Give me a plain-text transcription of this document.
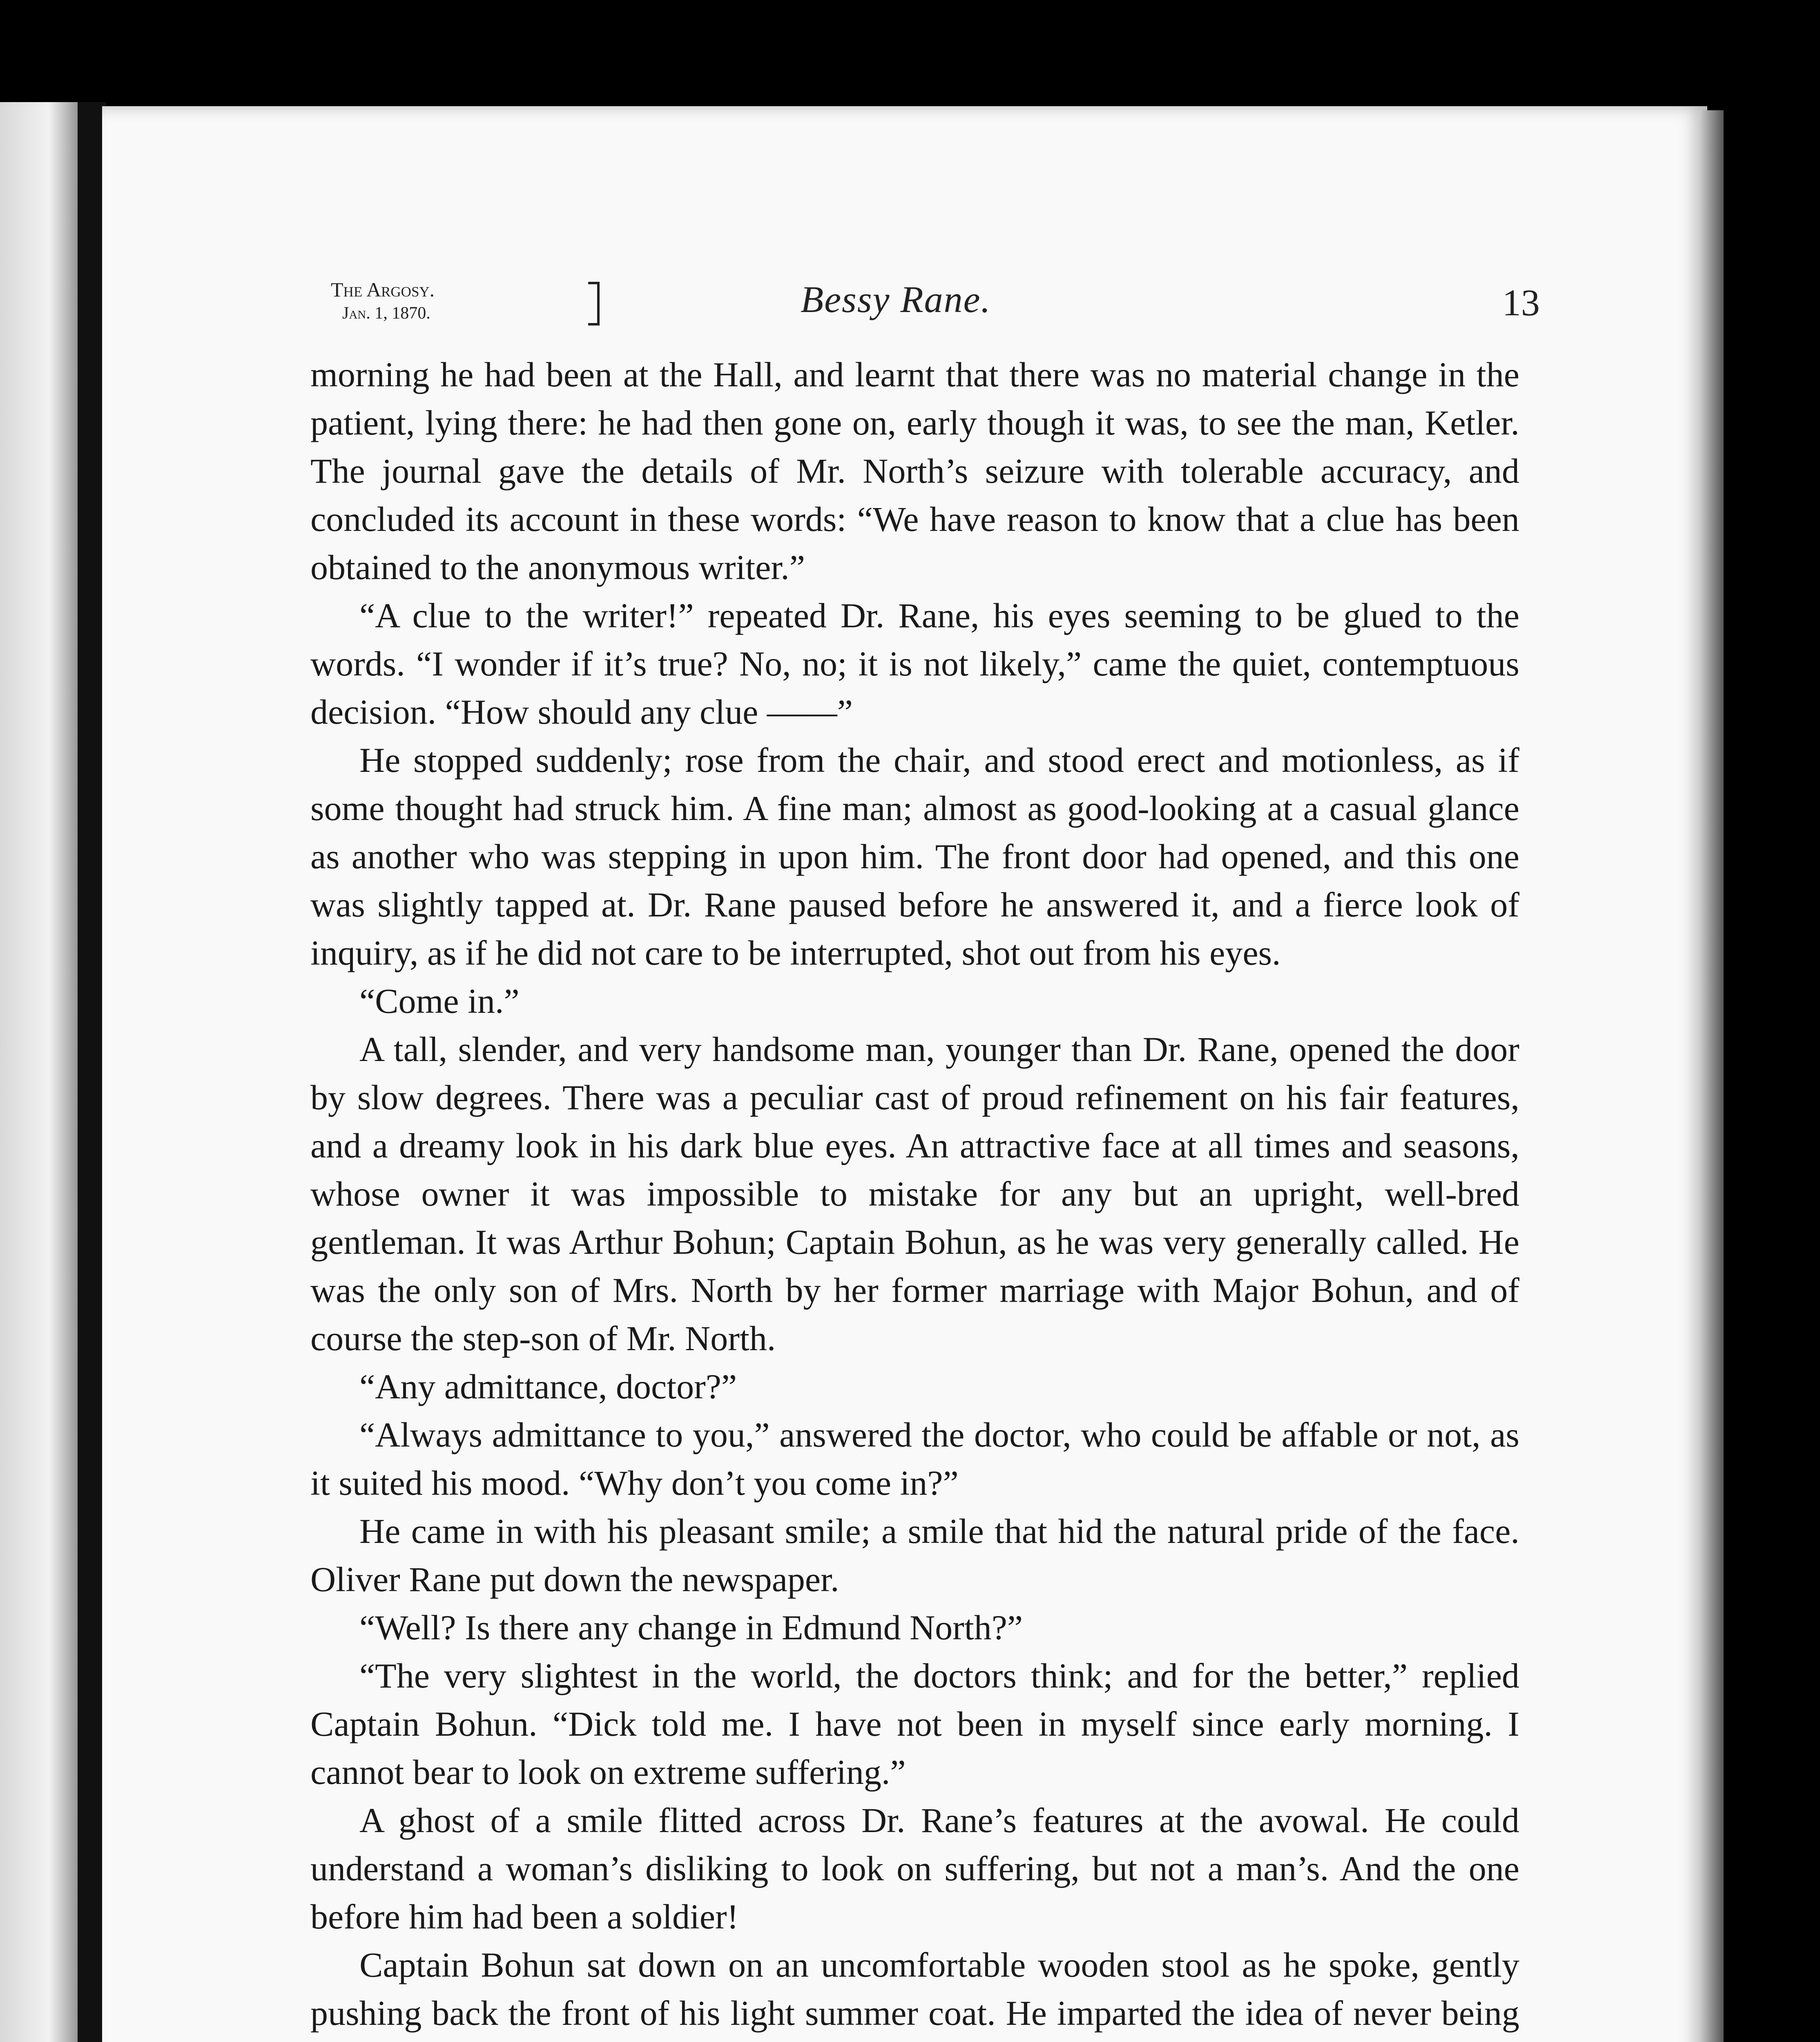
The Argosy.
Jan. 1, 1870.	Bessy Rane.	13

morning he had been at the Hall, and learnt that there was no material change in the patient, lying there: he had then gone on, early though it was, to see the man, Ketler. The journal gave the details of Mr. North’s seizure with tolerable accuracy, and concluded its account in these words: “We have reason to know that a clue has been obtained to the anonymous writer.”

“A clue to the writer!” repeated Dr. Rane, his eyes seeming to be glued to the words. “I wonder if it’s true? No, no; it is not likely,” came the quiet, contemptuous decision. “How should any clue ——”

He stopped suddenly; rose from the chair, and stood erect and motionless, as if some thought had struck him. A fine man; almost as good-looking at a casual glance as another who was stepping in upon him. The front door had opened, and this one was slightly tapped at. Dr. Rane paused before he answered it, and a fierce look of inquiry, as if he did not care to be interrupted, shot out from his eyes.

“Come in.”

A tall, slender, and very handsome man, younger than Dr. Rane, opened the door by slow degrees. There was a peculiar cast of proud refinement on his fair features, and a dreamy look in his dark blue eyes. An attractive face at all times and seasons, whose owner it was impossible to mistake for any but an upright, well-bred gentleman. It was Arthur Bohun; Captain Bohun, as he was very generally called. He was the only son of Mrs. North by her former marriage with Major Bohun, and of course the step-son of Mr. North.

“Any admittance, doctor?”

“Always admittance to you,” answered the doctor, who could be affable or not, as it suited his mood. “Why don’t you come in?”

He came in with his pleasant smile; a smile that hid the natural pride of the face. Oliver Rane put down the newspaper.

“Well? Is there any change in Edmund North?”

“The very slightest in the world, the doctors think; and for the better,” replied Captain Bohun. “Dick told me. I have not been in myself since early morning. I cannot bear to look on extreme suffering.”

A ghost of a smile flitted across Dr. Rane’s features at the avowal. He could understand a woman’s disliking to look on suffering, but not a man’s. And the one before him had been a soldier!

Captain Bohun sat down on an uncomfortable wooden stool as he spoke, gently pushing back the front of his light summer coat. He imparted the idea of never being
